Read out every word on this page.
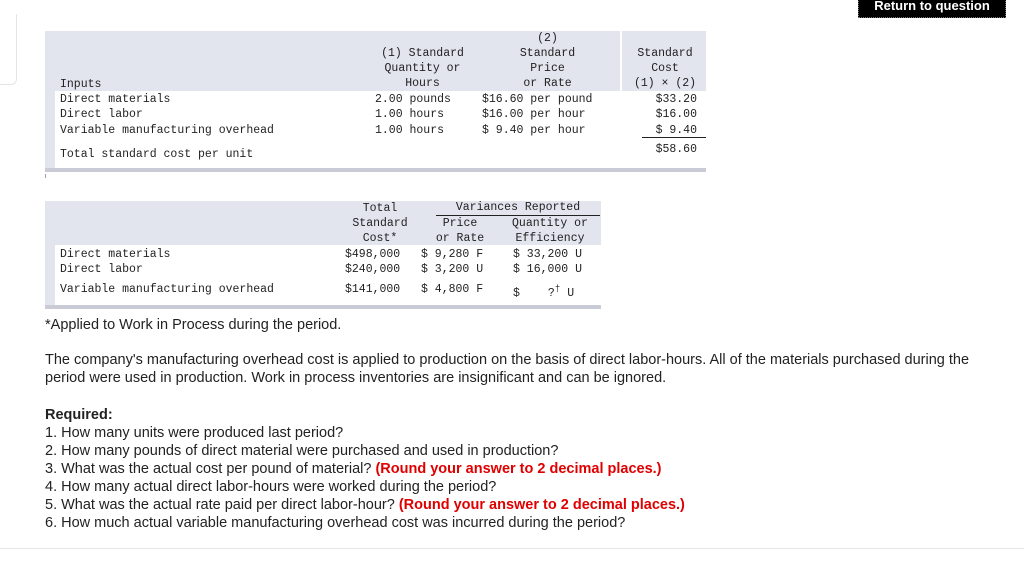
Return to question
(1) Standard
Quantity or
Hours
(2)
Standard
Price
or Rate
Standard
Cost
(1) × (2)
Inputs
Direct materials	2.00 pounds	$16.60 per pound	$33.20
Direct labor	1.00 hours	$16.00 per hour	$16.00
Variable manufacturing overhead	1.00 hours	$ 9.40 per hour	$ 9.40
Total standard cost per unit	$58.60
Total
Standard
Cost*
Variances Reported
Price
or Rate
Quantity or
Efficiency
Direct materials	$498,000 $ 9,280 F	$ 33,200 U
Direct labor	$240,000 $ 3,200 U	$ 16,000 U
Variable manufacturing overhead	$141,000 $ 4,800 F	$ ?† U
*Applied to Work in Process during the period.
The company's manufacturing overhead cost is applied to production on the basis of direct labor-hours. All of the materials purchased during the period were used in production. Work in process inventories are insignificant and can be ignored.
Required:
1. How many units were produced last period?
2. How many pounds of direct material were purchased and used in production?
3. What was the actual cost per pound of material? (Round your answer to 2 decimal places.)
4. How many actual direct labor-hours were worked during the period?
5. What was the actual rate paid per direct labor-hour? (Round your answer to 2 decimal places.)
6. How much actual variable manufacturing overhead cost was incurred during the period?
